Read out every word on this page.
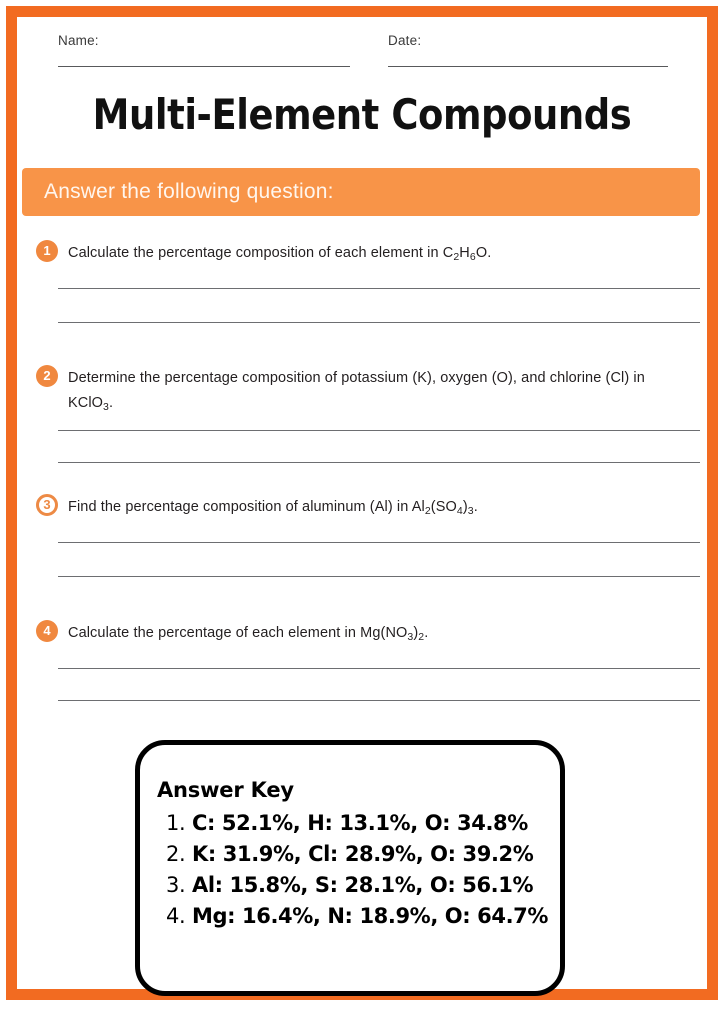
Name:	Date:
Multi-Element Compounds
Answer the following question:
1	Calculate the percentage composition of each element in $C_2H_6O$.
2	Determine the percentage composition of potassium (K), oxygen (O), and chlorine (Cl) in KClO$_3$.
3	Find the percentage composition of aluminum (Al) in $Al_2(SO_4)_3$.
4	Calculate the percentage of each element in $Mg(NO_3)_2$.
Answer Key
1. C: 52.1%, H: 13.1%, O: 34.8%
2. K: 31.9%, Cl: 28.9%, O: 39.2%
3. Al: 15.8%, S: 28.1%, O: 56.1%
4. Mg: 16.4%, N: 18.9%, O: 64.7%
